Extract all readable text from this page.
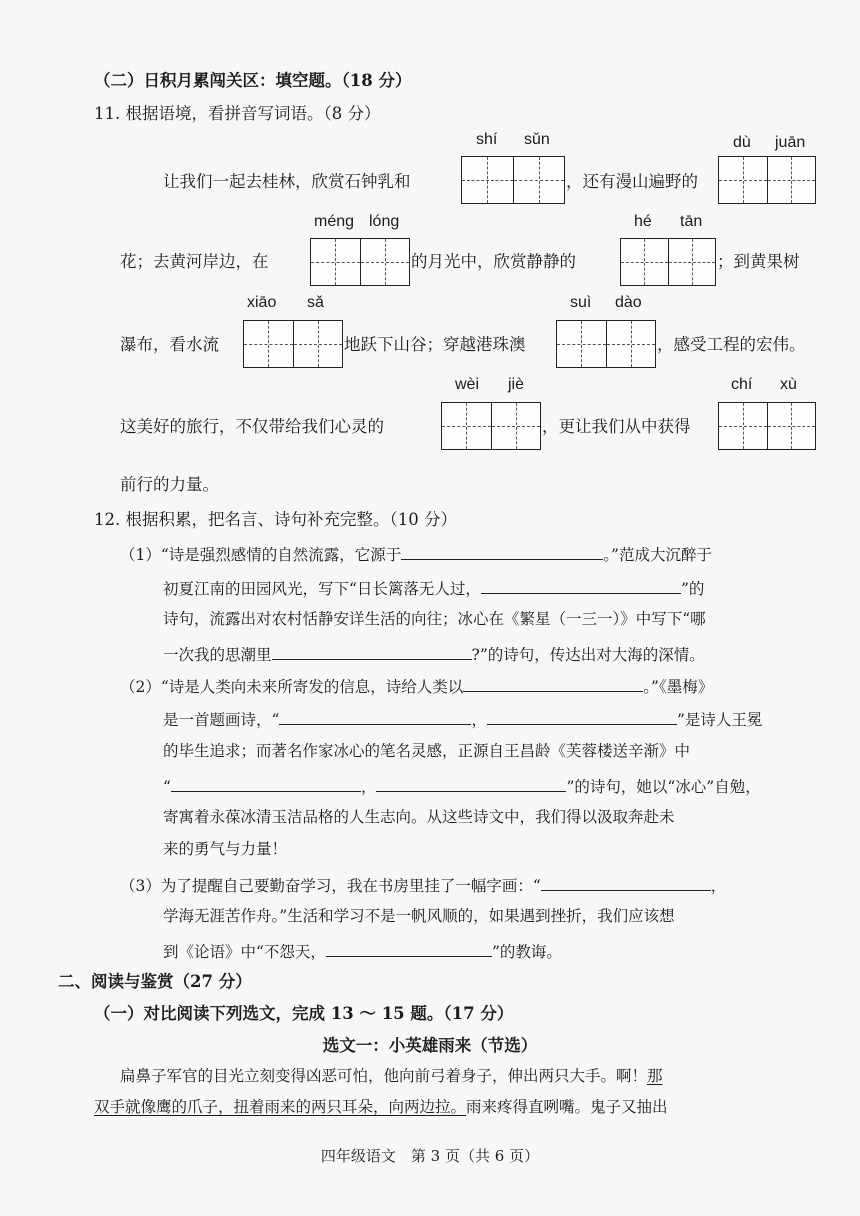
（二）日积月累闯关区：填空题。（18 分）
11. 根据语境，看拼音写词语。（8 分）
shí sǔn	dù juān
让我们一起去桂林，欣赏石钟乳和	，还有漫山遍野的
méng lóng	hé tān
花；去黄河岸边，在	的月光中，欣赏静静的	；到黄果树
xiāo sǎ	suì dào
瀑布，看水流	地跃下山谷；穿越港珠澳	，感受工程的宏伟。
wèi jiè	chí xù
这美好的旅行，不仅带给我们心灵的	，更让我们从中获得
前行的力量。
12. 根据积累，把名言、诗句补充完整。（10 分）
（1）“诗是强烈感情的自然流露，它源于	。”范成大沉醉于
初夏江南的田园风光，写下“日长篱落无人过，	”的
诗句，流露出对农村恬静安详生活的向往；冰心在《繁星（一三一）》中写下“哪
一次我的思潮里	?”的诗句，传达出对大海的深情。
（2）“诗是人类向未来所寄发的信息，诗给人类以	。”《墨梅》
是一首题画诗，“	，	”是诗人王冕
的毕生追求；而著名作家冰心的笔名灵感，正源自王昌龄《芙蓉楼送辛渐》中
“	，	”的诗句，她以“冰心”自勉，
寄寓着永葆冰清玉洁品格的人生志向。从这些诗文中，我们得以汲取奔赴未
来的勇气与力量！
（3）为了提醒自己要勤奋学习，我在书房里挂了一幅字画：“	，
学海无涯苦作舟。”生活和学习不是一帆风顺的，如果遇到挫折，我们应该想
到《论语》中“不怨天，	”的教诲。
二、阅读与鉴赏（27 分）
（一）对比阅读下列选文，完成 13 ～ 15 题。（17 分）
选文一：小英雄雨来（节选）
扁鼻子军官的目光立刻变得凶恶可怕，他向前弓着身子，伸出两只大手。啊！那
双手就像鹰的爪子，扭着雨来的两只耳朵，向两边拉。雨来疼得直咧嘴。鬼子又抽出
四年级语文　第 3 页（共 6 页）
